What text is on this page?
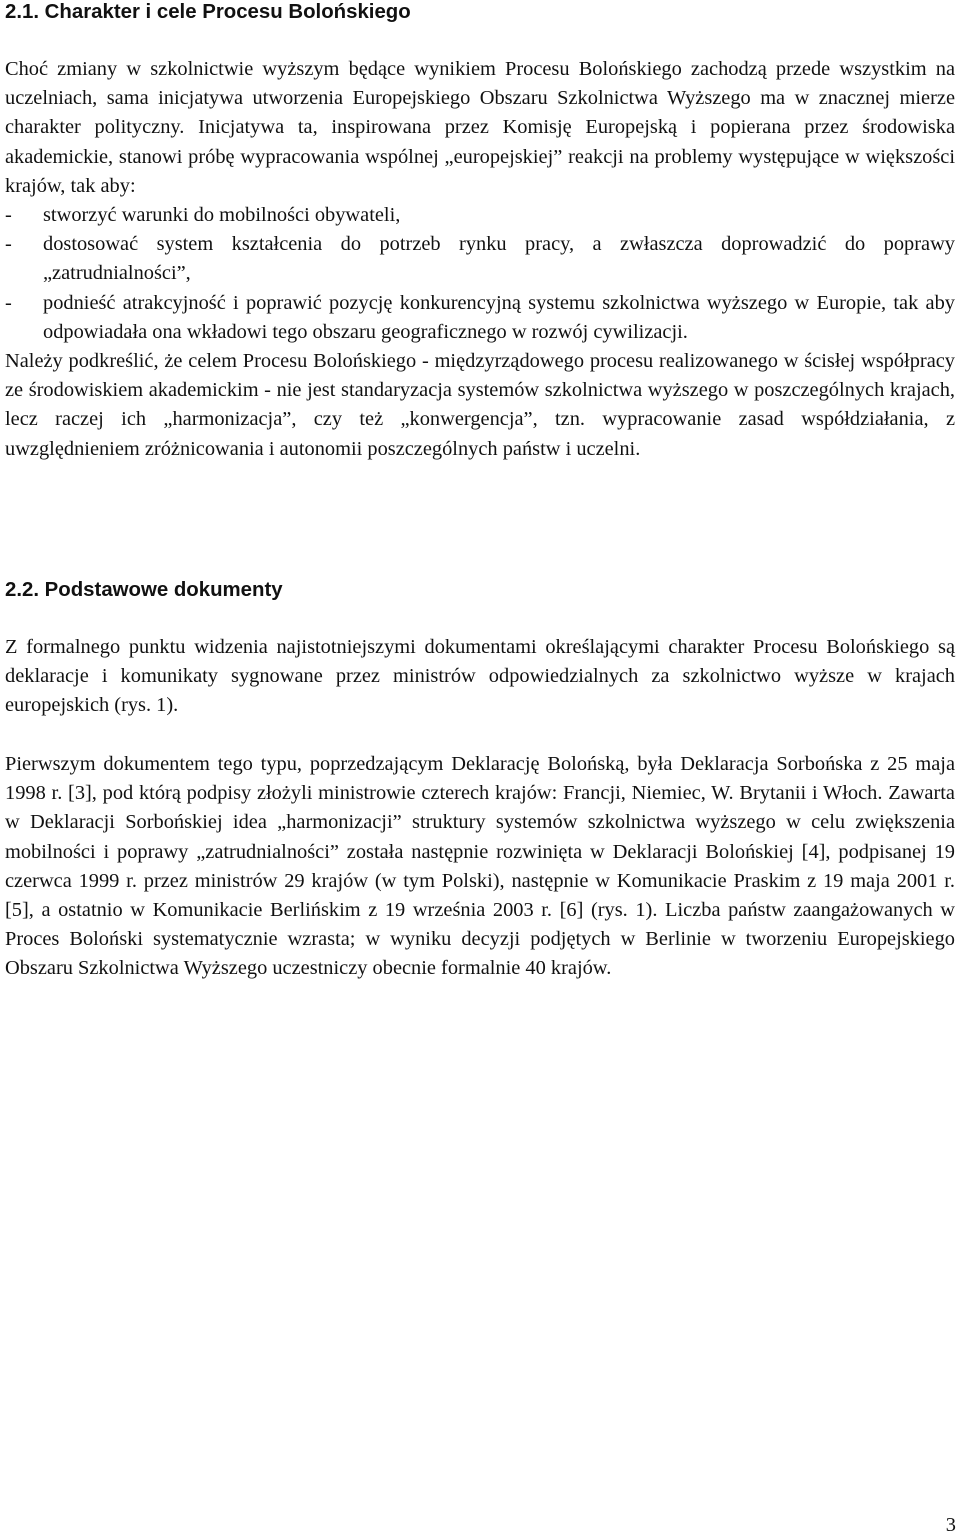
2.1. Charakter i cele Procesu Bolońskiego

Choć zmiany w szkolnictwie wyższym będące wynikiem Procesu Bolońskiego zachodzą przede wszystkim na uczelniach, sama inicjatywa utworzenia Europejskiego Obszaru Szkolnictwa Wyższego ma w znacznej mierze charakter polityczny. Inicjatywa ta, inspirowana przez Komisję Europejską i popierana przez środowiska akademickie, stanowi próbę wypracowania wspólnej „europejskiej” reakcji na problemy występujące w większości krajów, tak aby:

- stworzyć warunki do mobilności obywateli,
- dostosować system kształcenia do potrzeb rynku pracy, a zwłaszcza doprowadzić do poprawy „zatrudnialności”,
- podnieść atrakcyjność i poprawić pozycję konkurencyjną systemu szkolnictwa wyższego w Europie, tak aby odpowiadała ona wkładowi tego obszaru geograficznego w rozwój cywilizacji.

Należy podkreślić, że celem Procesu Bolońskiego - międzyrządowego procesu realizowanego w ścisłej współpracy ze środowiskiem akademickim - nie jest standaryzacja systemów szkolnictwa wyższego w poszczególnych krajach, lecz raczej ich „harmonizacja”, czy też „konwergencja”, tzn. wypracowanie zasad współdziałania, z uwzględnieniem zróżnicowania i autonomii poszczególnych państw i uczelni.

2.2. Podstawowe dokumenty

Z formalnego punktu widzenia najistotniejszymi dokumentami określającymi charakter Procesu Bolońskiego są deklaracje i komunikaty sygnowane przez ministrów odpowiedzialnych za szkolnictwo wyższe w krajach europejskich (rys. 1).

Pierwszym dokumentem tego typu, poprzedzającym Deklarację Bolońską, była Deklaracja Sorbońska z 25 maja 1998 r. [3], pod którą podpisy złożyli ministrowie czterech krajów: Francji, Niemiec, W. Brytanii i Włoch. Zawarta w Deklaracji Sorbońskiej idea „harmonizacji” struktury systemów szkolnictwa wyższego w celu zwiększenia mobilności i poprawy „zatrudnialności” została następnie rozwinięta w Deklaracji Bolońskiej [4], podpisanej 19 czerwca 1999 r. przez ministrów 29 krajów (w tym Polski), następnie w Komunikacie Praskim z 19 maja 2001 r. [5], a ostatnio w Komunikacie Berlińskim z 19 września 2003 r. [6] (rys. 1). Liczba państw zaangażowanych w Proces Boloński systematycznie wzrasta; w wyniku decyzji podjętych w Berlinie w tworzeniu Europejskiego Obszaru Szkolnictwa Wyższego uczestniczy obecnie formalnie 40 krajów.

3
